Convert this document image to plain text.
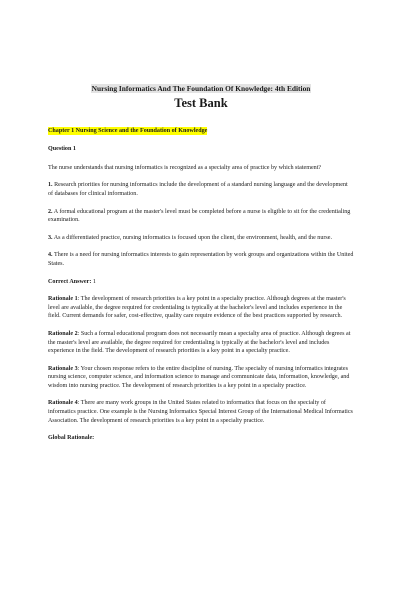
Nursing Informatics And The Foundation Of Knowledge: 4th Edition
Test Bank
Chapter 1 Nursing Science and the Foundation of Knowledge
Question 1

The nurse understands that nursing informatics is recognized as a specialty area of practice by which statement?

1. Research priorities for nursing informatics include the development of a standard nursing language and the development of databases for clinical information.

2. A formal educational program at the master's level must be completed before a nurse is eligible to sit for the credentialing examination.

3. As a differentiated practice, nursing informatics is focused upon the client, the environment, health, and the nurse.

4. There is a need for nursing informatics interests to gain representation by work groups and organizations within the United States.

Correct Answer: 1

Rationale 1: The development of research priorities is a key point in a specialty practice. Although degrees at the master's level are available, the degree required for credentialing is typically at the bachelor's level and includes experience in the field. Current demands for safer, cost-effective, quality care require evidence of the best practices supported by research.

Rationale 2: Such a formal educational program does not necessarily mean a specialty area of practice. Although degrees at the master's level are available, the degree required for credentialing is typically at the bachelor's level and includes experience in the field. The development of research priorities is a key point in a specialty practice.

Rationale 3: Your chosen response refers to the entire discipline of nursing. The specialty of nursing informatics integrates nursing science, computer science, and information science to manage and communicate data, information, knowledge, and wisdom into nursing practice. The development of research priorities is a key point in a specialty practice.

Rationale 4: There are many work groups in the United States related to informatics that focus on the specialty of informatics practice. One example is the Nursing Informatics Special Interest Group of the International Medical Informatics Association. The development of research priorities is a key point in a specialty practice.

Global Rationale:
